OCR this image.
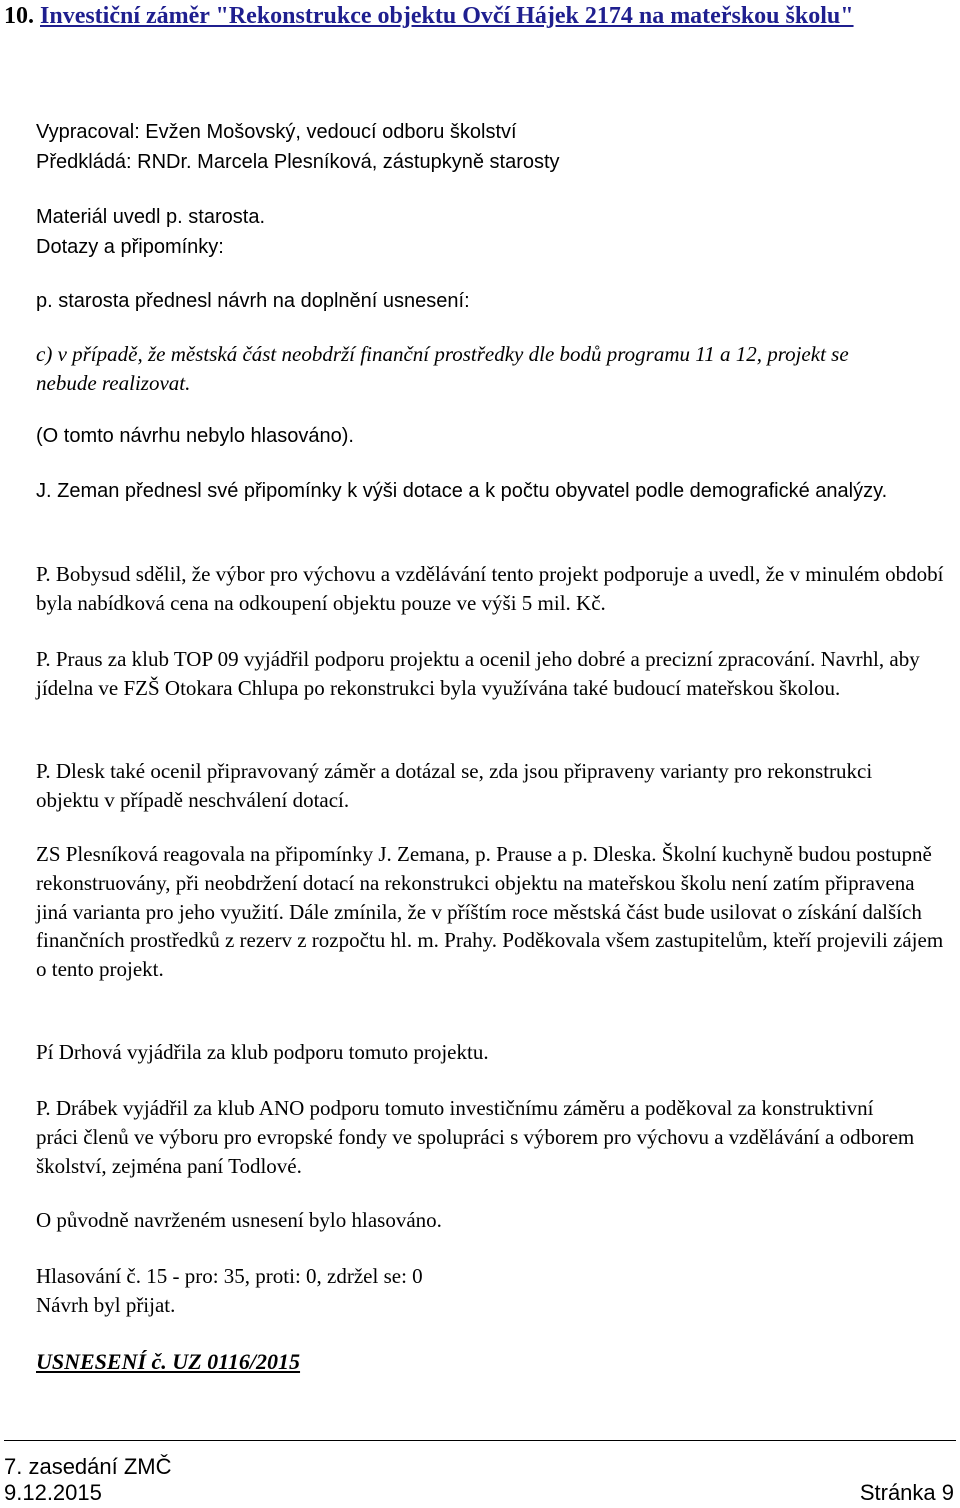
10. Investiční záměr "Rekonstrukce objektu Ovčí Hájek 2174 na mateřskou školu"

Vypracoval: Evžen Mošovský, vedoucí odboru školství

Předkládá: RNDr. Marcela Plesníková, zástupkyně starosty

Materiál uvedl p. starosta.

Dotazy a připomínky:

p. starosta přednesl návrh na doplnění usnesení:

c) v případě, že městská část neobdrží finanční prostředky dle bodů programu 11 a 12, projekt se nebude realizovat.

(O tomto návrhu nebylo hlasováno).

J. Zeman přednesl své připomínky k výši dotace a k počtu obyvatel podle demografické analýzy.

P. Bobysud sdělil, že výbor pro výchovu a vzdělávání tento projekt podporuje a uvedl, že v minulém období byla nabídková cena na odkoupení objektu pouze ve výši 5 mil. Kč.

P. Praus za klub TOP 09 vyjádřil podporu projektu a ocenil jeho dobré a precizní zpracování. Navrhl, aby jídelna ve FZŠ Otokara Chlupa po rekonstrukci byla využívána také budoucí mateřskou školou.

P. Dlesk také ocenil připravovaný záměr a dotázal se, zda jsou připraveny varianty pro rekonstrukci objektu v případě neschválení dotací.

ZS Plesníková reagovala na připomínky J. Zemana, p. Prause a p. Dleska. Školní kuchyně budou postupně rekonstruovány, při neobdržení dotací na rekonstrukci objektu na mateřskou školu není zatím připravena jiná varianta pro jeho využití. Dále zmínila, že v příštím roce městská část bude usilovat o získání dalších finančních prostředků z rezerv z rozpočtu hl. m. Prahy. Poděkovala všem zastupitelům, kteří projevili zájem o tento projekt.

Pí Drhová vyjádřila za klub podporu tomuto projektu.

P. Drábek vyjádřil za klub ANO podporu tomuto investičnímu záměru a poděkoval za konstruktivní práci členů ve výboru pro evropské fondy ve spolupráci s výborem pro výchovu a vzdělávání a odborem školství, zejména paní Todlové.

O původně navrženém usnesení bylo hlasováno.

Hlasování č. 15 - pro: 35, proti: 0, zdržel se: 0

Návrh byl přijat.

USNESENÍ č. UZ 0116/2015

7. zasedání ZMČ
9.12.2015	Stránka 9
